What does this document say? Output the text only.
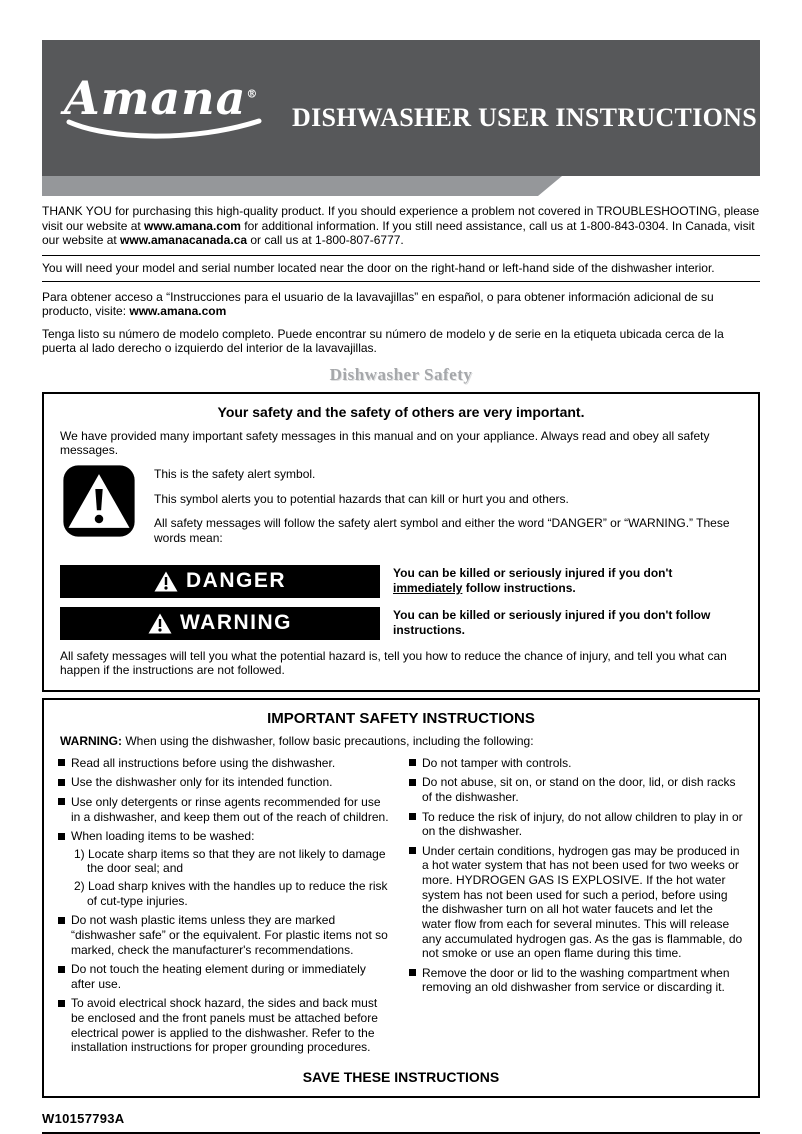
Amana®
DISHWASHER USER INSTRUCTIONS

THANK YOU for purchasing this high-quality product. If you should experience a problem not covered in TROUBLESHOOTING, please visit our website at www.amana.com for additional information. If you still need assistance, call us at 1-800-843-0304. In Canada, visit our website at www.amanacanada.ca or call us at 1-800-807-6777.

You will need your model and serial number located near the door on the right-hand or left-hand side of the dishwasher interior.

Para obtener acceso a “Instrucciones para el usuario de la lavavajillas” en español, o para obtener información adicional de su producto, visite: www.amana.com

Tenga listo su número de modelo completo. Puede encontrar su número de modelo y de serie en la etiqueta ubicada cerca de la puerta al lado derecho o izquierdo del interior de la lavavajillas.

Dishwasher Safety
Your safety and the safety of others are very important.

We have provided many important safety messages in this manual and on your appliance. Always read and obey all safety messages.

This is the safety alert symbol.

This symbol alerts you to potential hazards that can kill or hurt you and others.

All safety messages will follow the safety alert symbol and either the word “DANGER” or “WARNING.” These words mean:

DANGER	You can be killed or seriously injured if you don't immediately follow instructions.

WARNING	You can be killed or seriously injured if you don't follow instructions.

All safety messages will tell you what the potential hazard is, tell you how to reduce the chance of injury, and tell you what can happen if the instructions are not followed.

IMPORTANT SAFETY INSTRUCTIONS

WARNING: When using the dishwasher, follow basic precautions, including the following:

Read all instructions before using the dishwasher.
Use the dishwasher only for its intended function.
Use only detergents or rinse agents recommended for use in a dishwasher, and keep them out of the reach of children.
When loading items to be washed:
1) Locate sharp items so that they are not likely to damage the door seal; and
2) Load sharp knives with the handles up to reduce the risk of cut-type injuries.
Do not wash plastic items unless they are marked “dishwasher safe” or the equivalent. For plastic items not so marked, check the manufacturer's recommendations.
Do not touch the heating element during or immediately after use.
To avoid electrical shock hazard, the sides and back must be enclosed and the front panels must be attached before electrical power is applied to the dishwasher. Refer to the installation instructions for proper grounding procedures.
Do not tamper with controls.
Do not abuse, sit on, or stand on the door, lid, or dish racks of the dishwasher.
To reduce the risk of injury, do not allow children to play in or on the dishwasher.
Under certain conditions, hydrogen gas may be produced in a hot water system that has not been used for two weeks or more. HYDROGEN GAS IS EXPLOSIVE. If the hot water system has not been used for such a period, before using the dishwasher turn on all hot water faucets and let the water flow from each for several minutes. This will release any accumulated hydrogen gas. As the gas is flammable, do not smoke or use an open flame during this time.
Remove the door or lid to the washing compartment when removing an old dishwasher from service or discarding it.

SAVE THESE INSTRUCTIONS

W10157793A
